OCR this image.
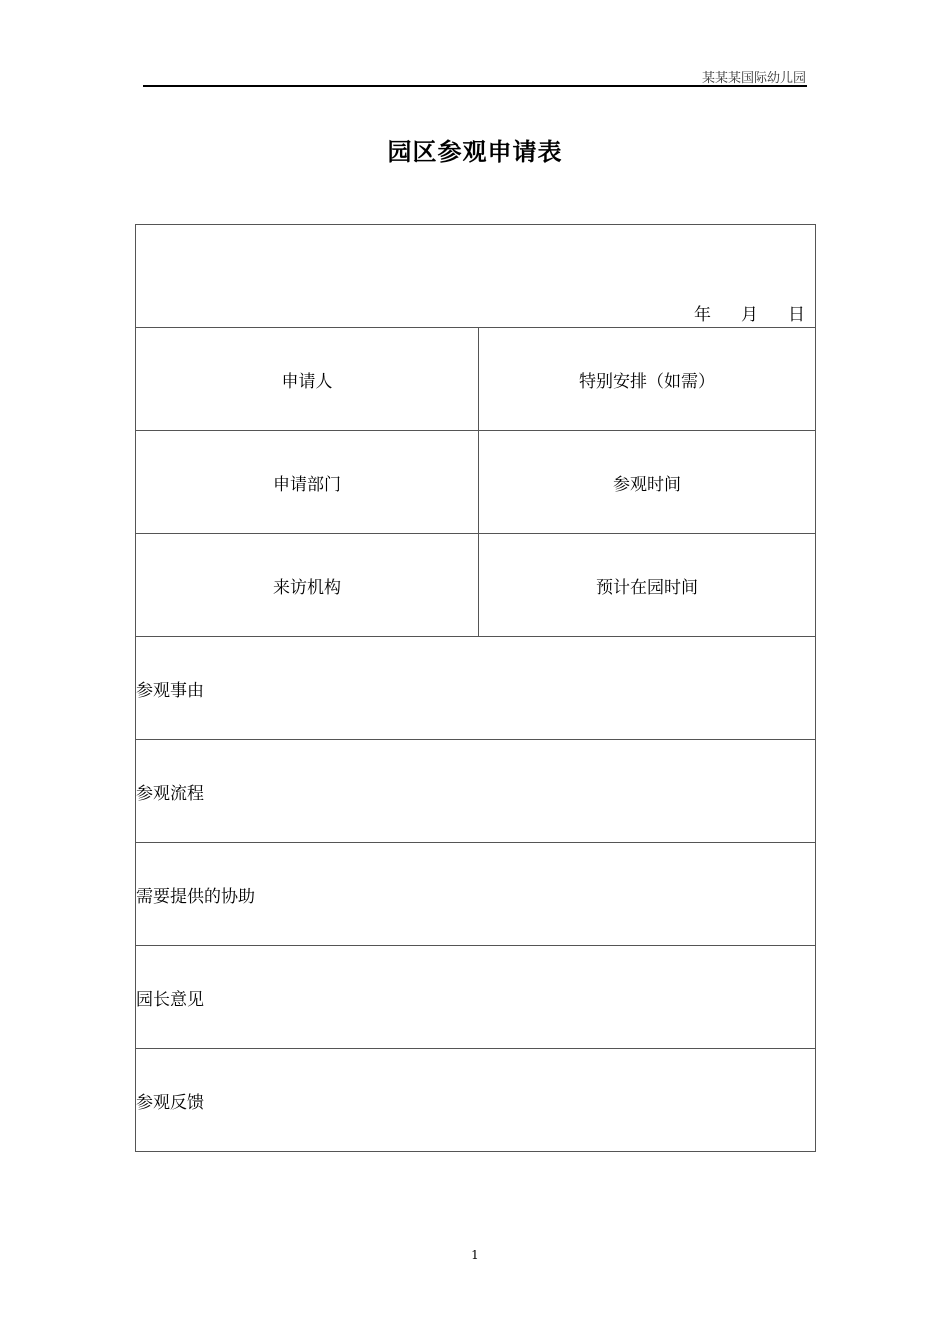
某某某国际幼儿园
园区参观申请表
年 月 日	

申请人	特别安排（如需）
申请部门	参观时间
来访机构	预计在园时间
参观事由	
参观流程	
需要提供的协助	
园长意见	
参观反馈	
1
